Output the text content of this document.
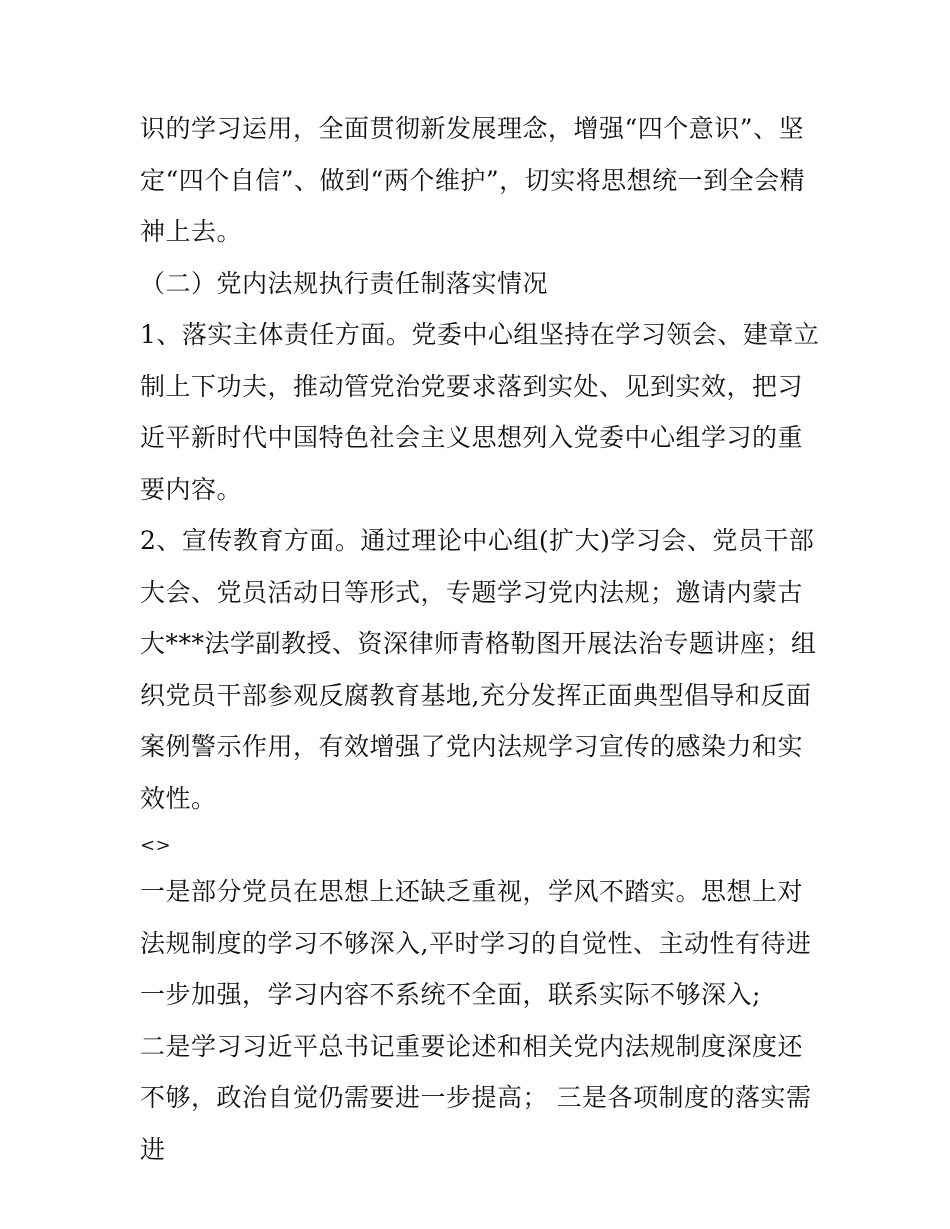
识的学习运用，全面贯彻新发展理念，增强“四个意识”、坚定“四个自信”、做到“两个维护”，切实将思想统一到全会精神上去。

（二）党内法规执行责任制落实情况

1、落实主体责任方面。党委中心组坚持在学习领会、建章立制上下功夫，推动管党治党要求落到实处、见到实效，把习近平新时代中国特色社会主义思想列入党委中心组学习的重要内容。

2、宣传教育方面。通过理论中心组(扩大)学习会、党员干部大会、党员活动日等形式，专题学习党内法规；邀请内蒙古大***法学副教授、资深律师青格勒图开展法治专题讲座；组织党员干部参观反腐教育基地,充分发挥正面典型倡导和反面案例警示作用，有效增强了党内法规学习宣传的感染力和实效性。

<>

一是部分党员在思想上还缺乏重视，学风不踏实。思想上对法规制度的学习不够深入,平时学习的自觉性、主动性有待进一步加强，学习内容不系统不全面，联系实际不够深入;

二是学习习近平总书记重要论述和相关党内法规制度深度还不够，政治自觉仍需要进一步提高； 三是各项制度的落实需进
